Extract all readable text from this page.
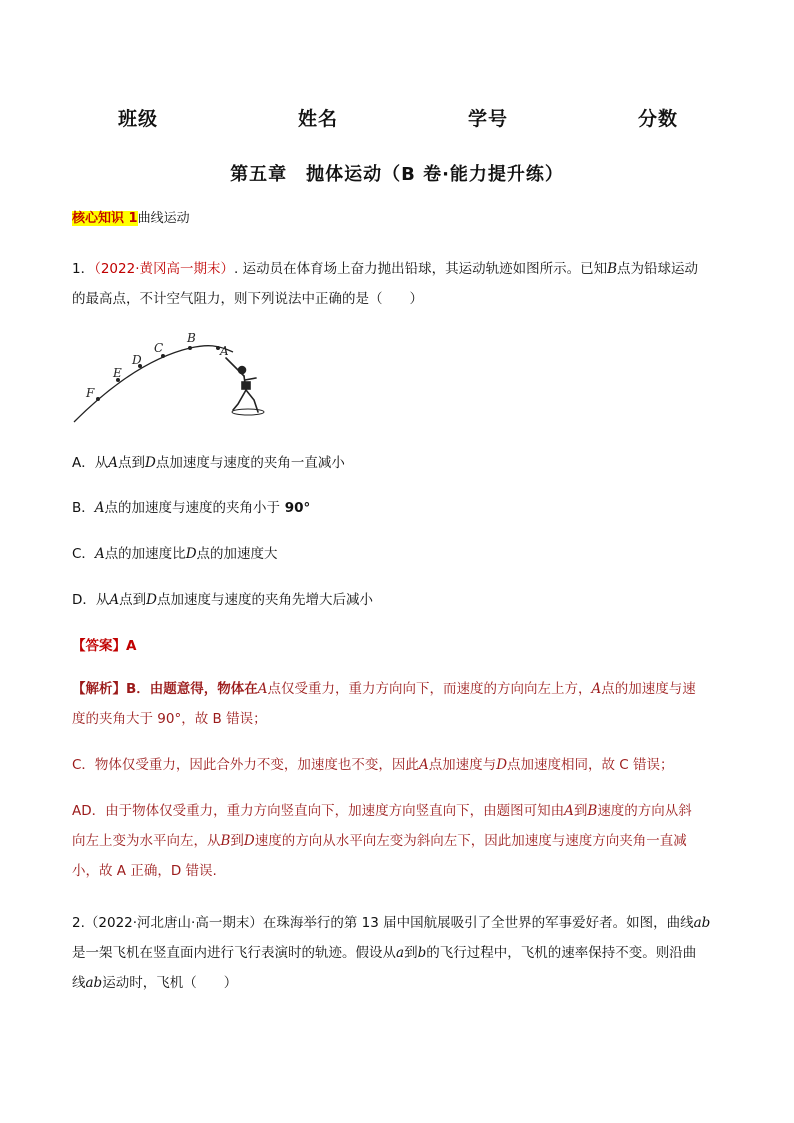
班级	姓名	学号	分数
第五章　抛体运动（B 卷·能力提升练）
核心知识 1曲线运动
1．（2022·黄冈高一期末）. 运动员在体育场上奋力抛出铅球，其运动轨迹如图所示。已知B点为铅球运动
的最高点，不计空气阻力，则下列说法中正确的是（　　）
F
E
D
C
B
A
A．从A点到D点加速度与速度的夹角一直减小
B．A点的加速度与速度的夹角小于 90°
C．A点的加速度比D点的加速度大
D．从A点到D点加速度与速度的夹角先增大后减小
【答案】A
【解析】B．由题意得，物体在A点仅受重力，重力方向向下，而速度的方向向左上方，A点的加速度与速
度的夹角大于 90°，故 B 错误；
C．物体仅受重力，因此合外力不变，加速度也不变，因此A点加速度与D点加速度相同，故 C 错误；
AD．由于物体仅受重力，重力方向竖直向下，加速度方向竖直向下，由题图可知由A到B速度的方向从斜
向左上变为水平向左，从B到D速度的方向从水平向左变为斜向左下，因此加速度与速度方向夹角一直减
小，故 A 正确，D 错误.
2.（2022·河北唐山·高一期末）在珠海举行的第 13 届中国航展吸引了全世界的军事爱好者。如图，曲线ab
是一架飞机在竖直面内进行飞行表演时的轨迹。假设从a到b的飞行过程中，飞机的速率保持不变。则沿曲
线ab运动时，飞机（　　）
